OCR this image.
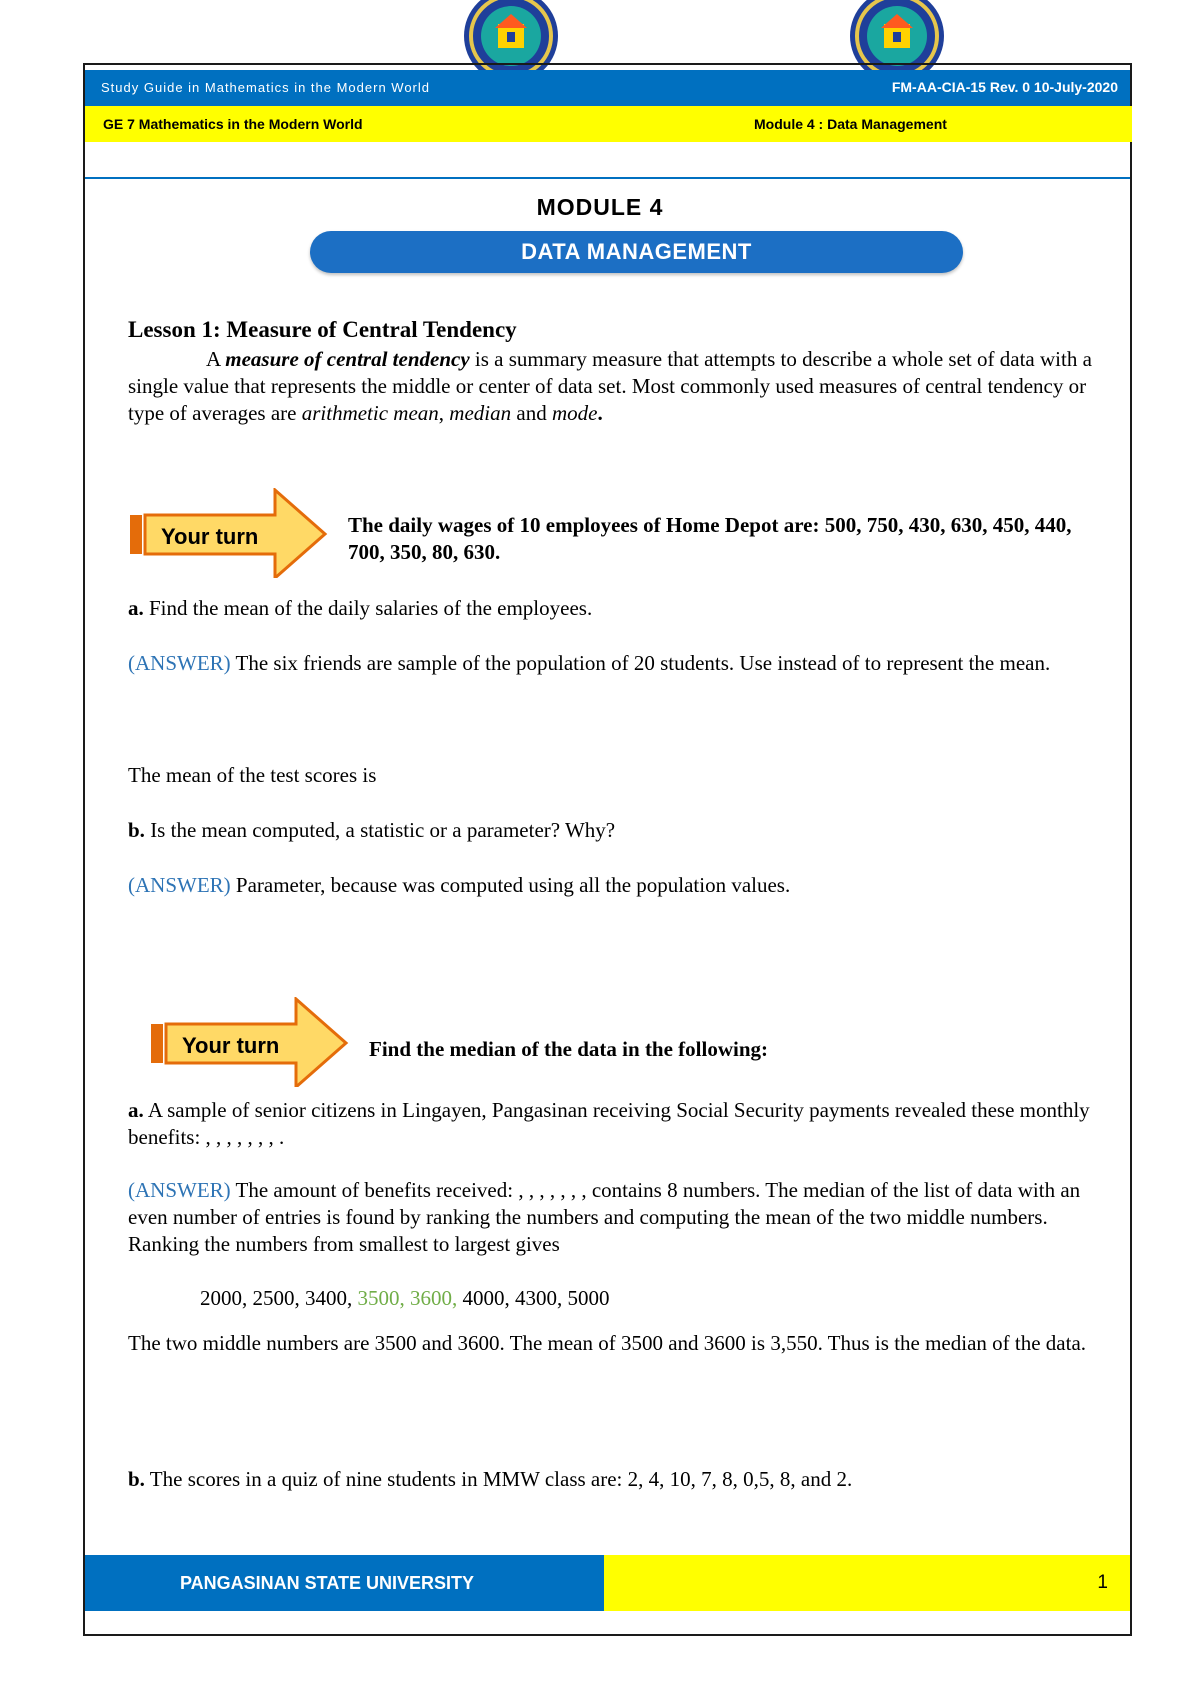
Study Guide in Mathematics in the Modern World	FM-AA-CIA-15 Rev. 0 10-July-2020
GE 7 Mathematics in the Modern World	Module 4 : Data Management
MODULE 4
DATA MANAGEMENT
Lesson 1: Measure of Central Tendency
A measure of central tendency is a summary measure that attempts to describe a whole set of data with a single value that represents the middle or center of data set. Most commonly used measures of central tendency or type of averages are arithmetic mean, median and mode.
Your turn	The daily wages of 10 employees of Home Depot are: 500, 750, 430, 630, 450, 440, 700, 350, 80, 630.
a. Find the mean of the daily salaries of the employees.
(ANSWER) The six friends are sample of the population of 20 students. Use instead of to represent the mean.
The mean of the test scores is
b. Is the mean computed, a statistic or a parameter? Why?
(ANSWER) Parameter, because was computed using all the population values.
Your turn	Find the median of the data in the following:
a. A sample of senior citizens in Lingayen, Pangasinan receiving Social Security payments revealed these monthly benefits: , , , , , , , .
(ANSWER) The amount of benefits received: , , , , , , , contains 8 numbers. The median of the list of data with an even number of entries is found by ranking the numbers and computing the mean of the two middle numbers. Ranking the numbers from smallest to largest gives
2000, 2500, 3400, 3500, 3600, 4000, 4300, 5000
The two middle numbers are 3500 and 3600. The mean of 3500 and 3600 is 3,550. Thus is the median of the data.
b. The scores in a quiz of nine students in MMW class are: 2, 4, 10, 7, 8, 0,5, 8, and 2.
PANGASINAN STATE UNIVERSITY	1
